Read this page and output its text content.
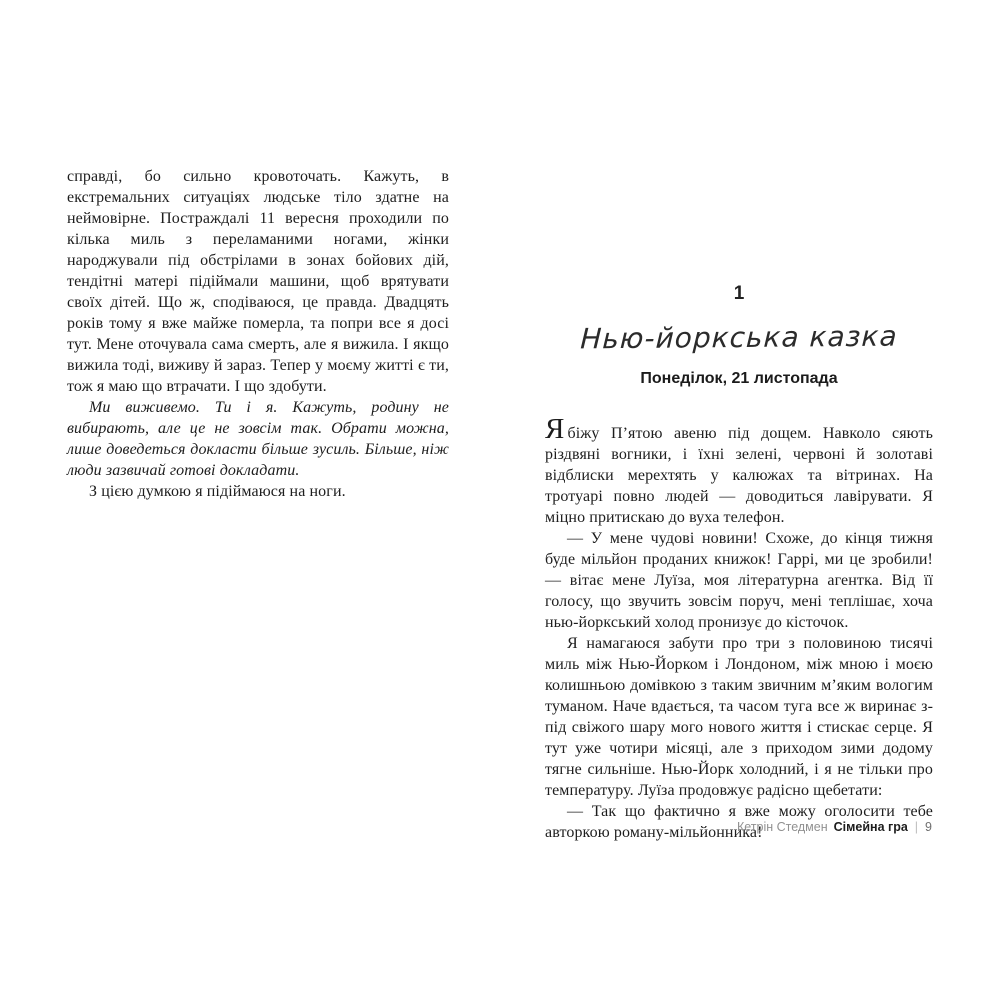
справді, бо сильно кровоточать. Кажуть, в екстремальних ситуаціях людське тіло здатне на неймовірне. Постраждалі 11 вересня проходили по кілька миль з переламаними ногами, жінки народжували під обстрілами в зонах бойових дій, тендітні матері підіймали машини, щоб врятувати своїх дітей. Що ж, сподіваюся, це правда. Двадцять років тому я вже майже померла, та попри все я досі тут. Мене оточувала сама смерть, але я вижила. І якщо вижила тоді, виживу й зараз. Тепер у моєму житті є ти, тож я маю що втрачати. І що здобути.

Ми виживемо. Ти і я. Кажуть, родину не вибирають, але це не зовсім так. Обрати можна, лише доведеться докласти більше зусиль. Більше, ніж люди зазвичай готові докладати.

З цією думкою я підіймаюся на ноги.

1
Нью-йоркська казка
Понеділок, 21 листопада

Ябіжу П’ятою авеню під дощем. Навколо сяють різдвяні вогники, і їхні зелені, червоні й золотаві відблиски мерехтять у калюжах та вітринах. На тротуарі повно людей — доводиться лавірувати. Я міцно притискаю до вуха телефон.

— У мене чудові новини! Схоже, до кінця тижня буде мільйон проданих книжок! Гаррі, ми це зробили! — вітає мене Луїза, моя літературна агентка. Від її голосу, що звучить зовсім поруч, мені теплішає, хоча нью-йоркський холод пронизує до кісточок.

Я намагаюся забути про три з половиною тисячі миль між Нью-Йорком і Лондоном, між мною і моєю колишньою домівкою з таким звичним м’яким вологим туманом. Наче вдається, та часом туга все ж виринає з-під свіжого шару мого нового життя і стискає серце. Я тут уже чотири місяці, але з приходом зими додому тягне сильніше. Нью-Йорк холодний, і я не тільки про температуру. Луїза продовжує радісно щебетати:

— Так що фактично я вже можу оголосити тебе авторкою роману-мільйонника!

Кетрін Стедмен Сімейна гра | 9
